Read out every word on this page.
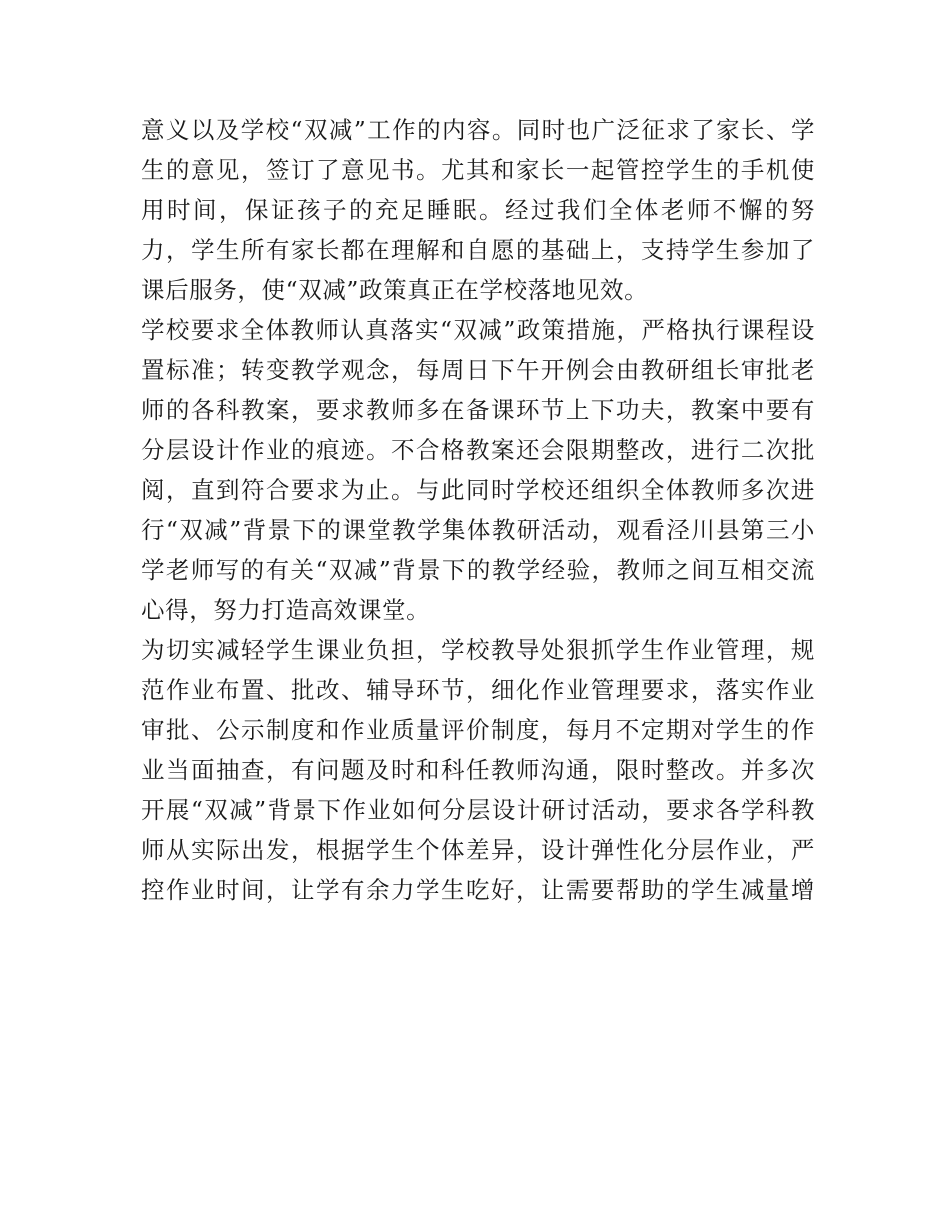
意义以及学校“双减”工作的内容。同时也广泛征求了家长、学
生的意见，签订了意见书。尤其和家长一起管控学生的手机使
用时间，保证孩子的充足睡眠。经过我们全体老师不懈的努
力，学生所有家长都在理解和自愿的基础上，支持学生参加了
课后服务，使“双减”政策真正在学校落地见效。
学校要求全体教师认真落实“双减”政策措施，严格执行课程设
置标准；转变教学观念，每周日下午开例会由教研组长审批老
师的各科教案，要求教师多在备课环节上下功夫，教案中要有
分层设计作业的痕迹。不合格教案还会限期整改，进行二次批
阅，直到符合要求为止。与此同时学校还组织全体教师多次进
行“双减”背景下的课堂教学集体教研活动，观看泾川县第三小
学老师写的有关“双减”背景下的教学经验，教师之间互相交流
心得，努力打造高效课堂。
为切实减轻学生课业负担，学校教导处狠抓学生作业管理，规
范作业布置、批改、辅导环节，细化作业管理要求，落实作业
审批、公示制度和作业质量评价制度，每月不定期对学生的作
业当面抽查，有问题及时和科任教师沟通，限时整改。并多次
开展“双减”背景下作业如何分层设计研讨活动，要求各学科教
师从实际出发，根据学生个体差异，设计弹性化分层作业，严
控作业时间，让学有余力学生吃好，让需要帮助的学生减量增
